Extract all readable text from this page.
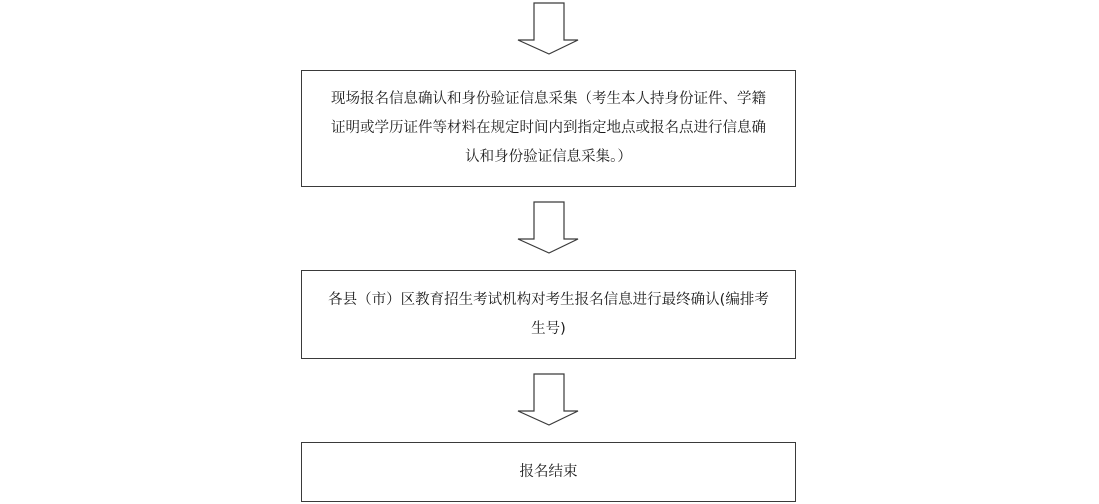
现场报名信息确认和身份验证信息采集（考生本人持身份证件、学籍
证明或学历证件等材料在规定时间内到指定地点或报名点进行信息确
认和身份验证信息采集。）
各县（市）区教育招生考试机构对考生报名信息进行最终确认(编排考
生号)
报名结束
